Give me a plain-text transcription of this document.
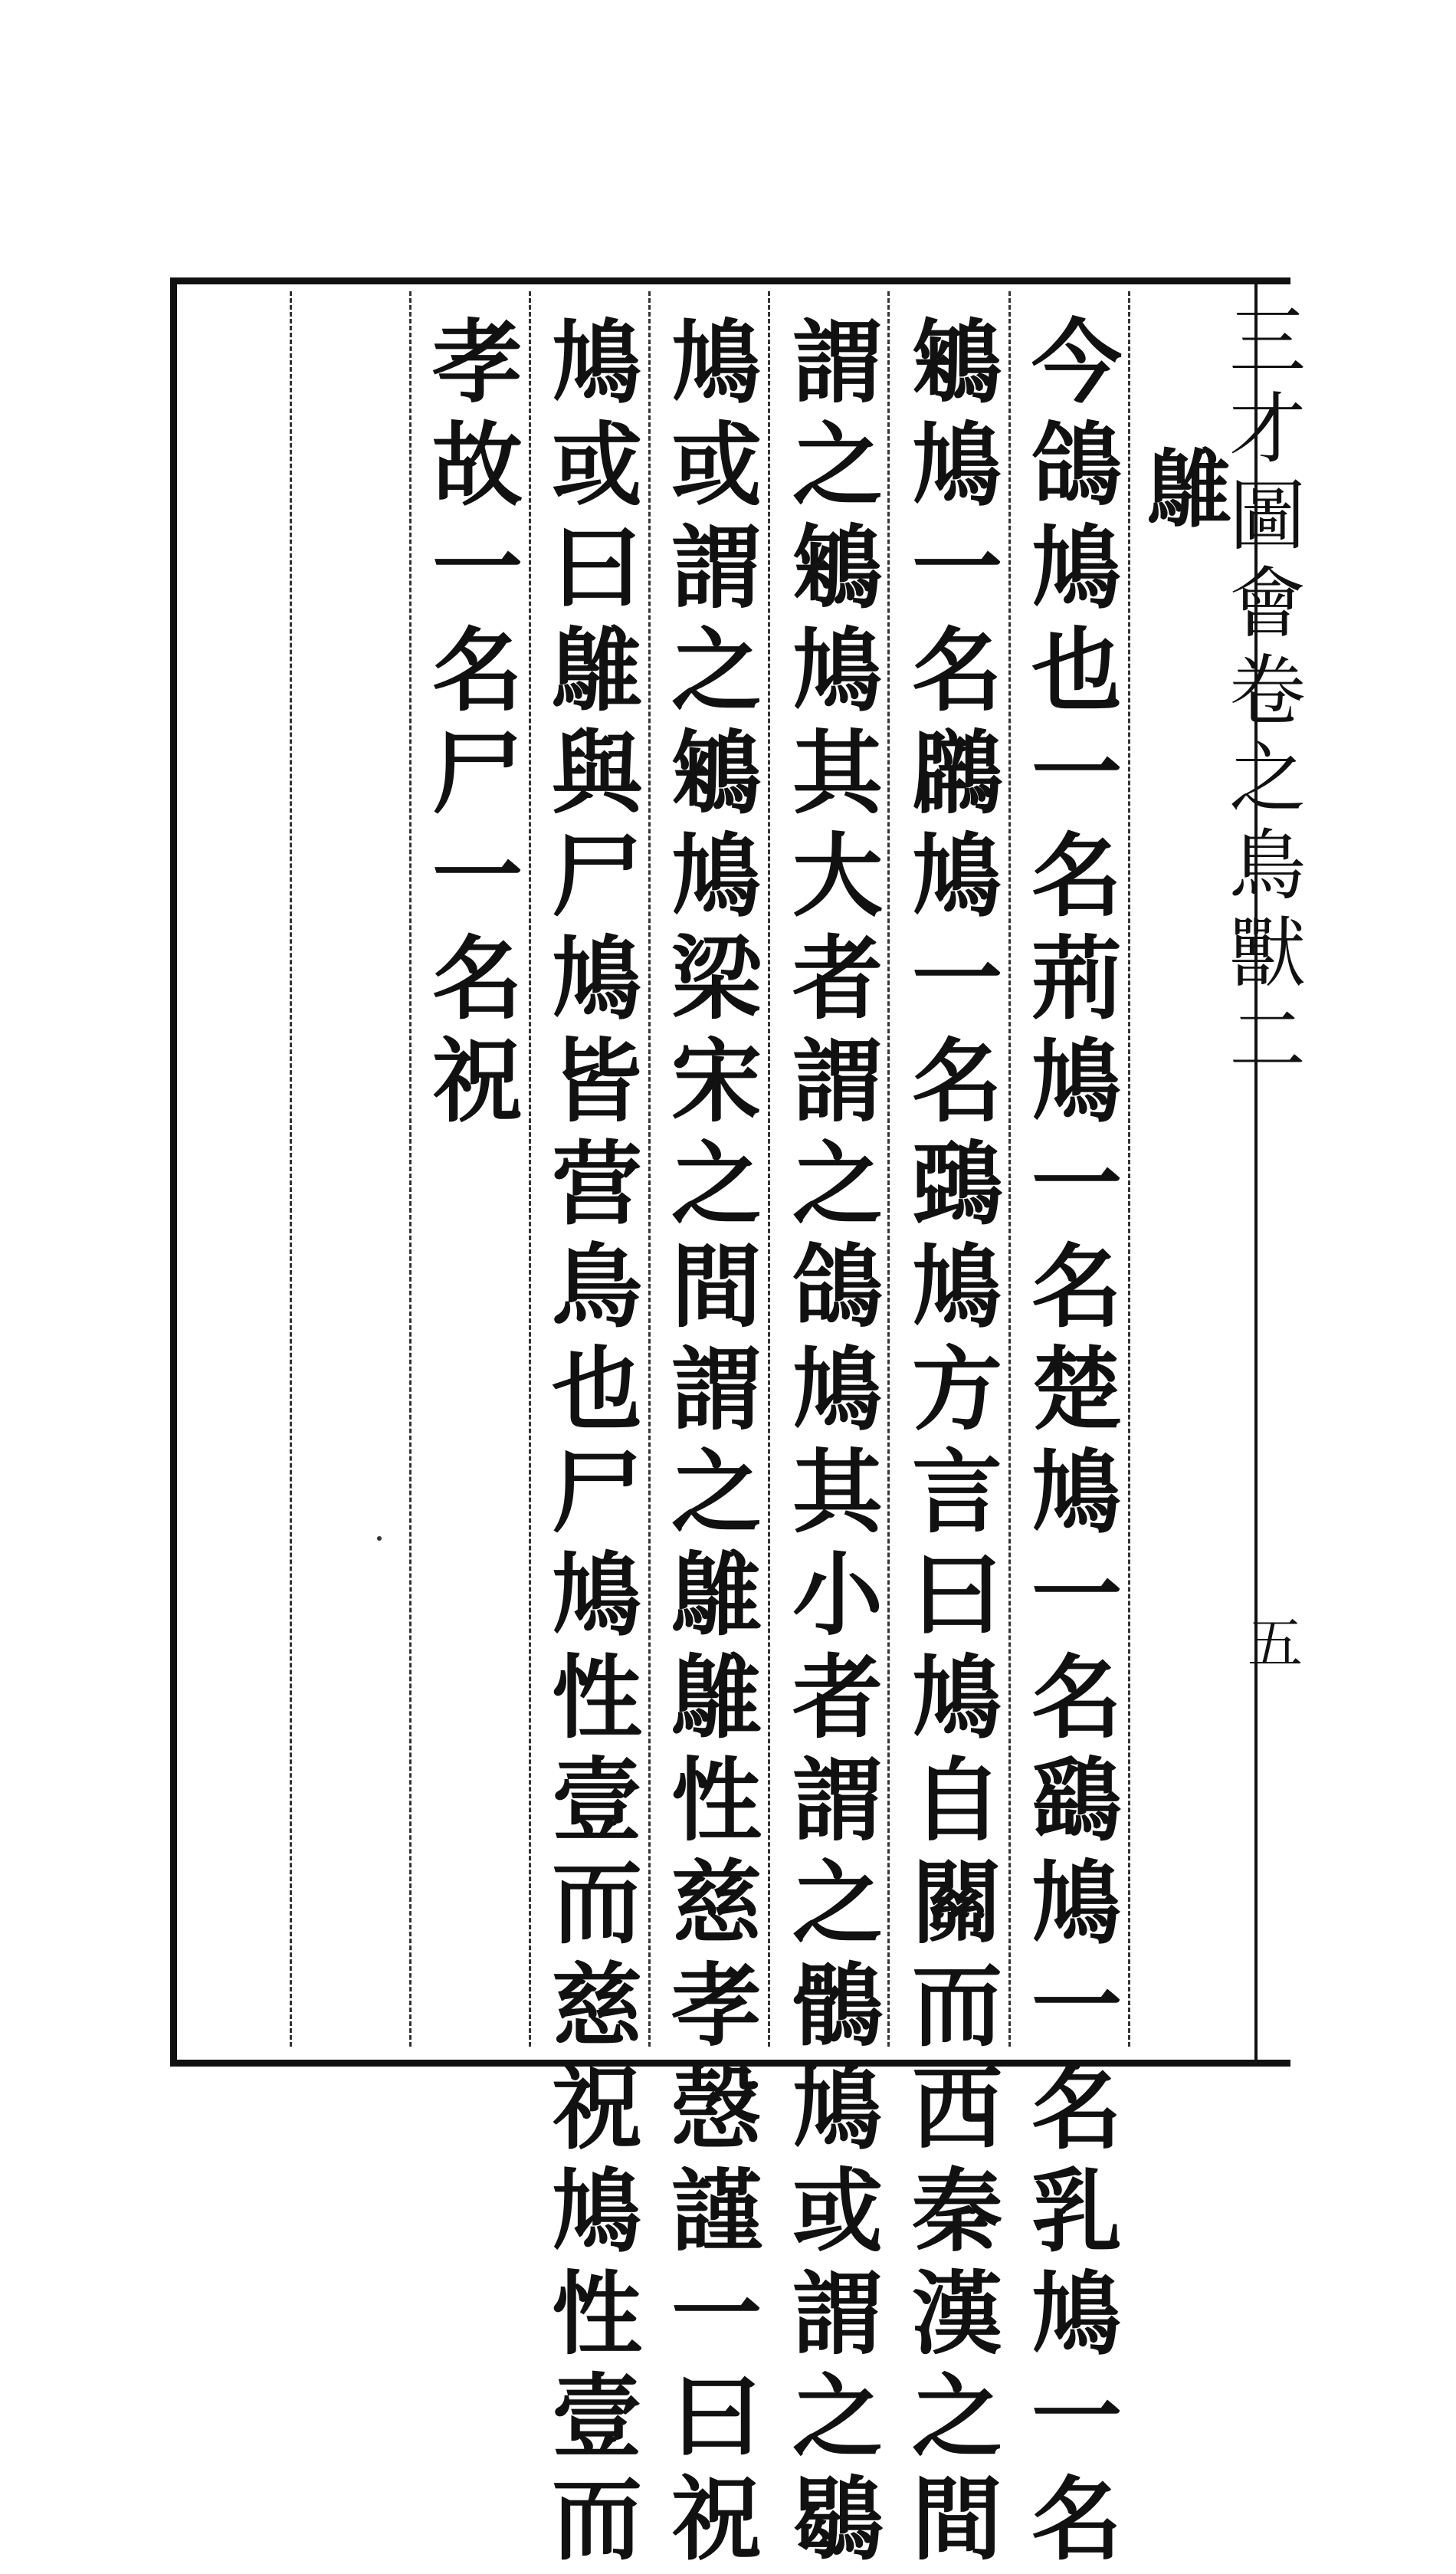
三才圖會卷之鳥獸二
五
鵻
今鴿鳩也一名荊鳩一名楚鳩一名鷂鳩一名乳鳩一名
鵴鳩一名鸊鳩一名鵶鳩方言曰鳩自關而西秦漢之間
謂之鵴鳩其大者謂之鴿鳩其小者謂之鶻鳩或謂之鶡
鳩或謂之鵴鳩梁宋之間謂之鵻鵻性慈孝愨謹一曰祝
鳩或曰鵻與尸鳩皆营鳥也尸鳩性壹而慈祝鳩性壹而
孝故一名尸一名祝
